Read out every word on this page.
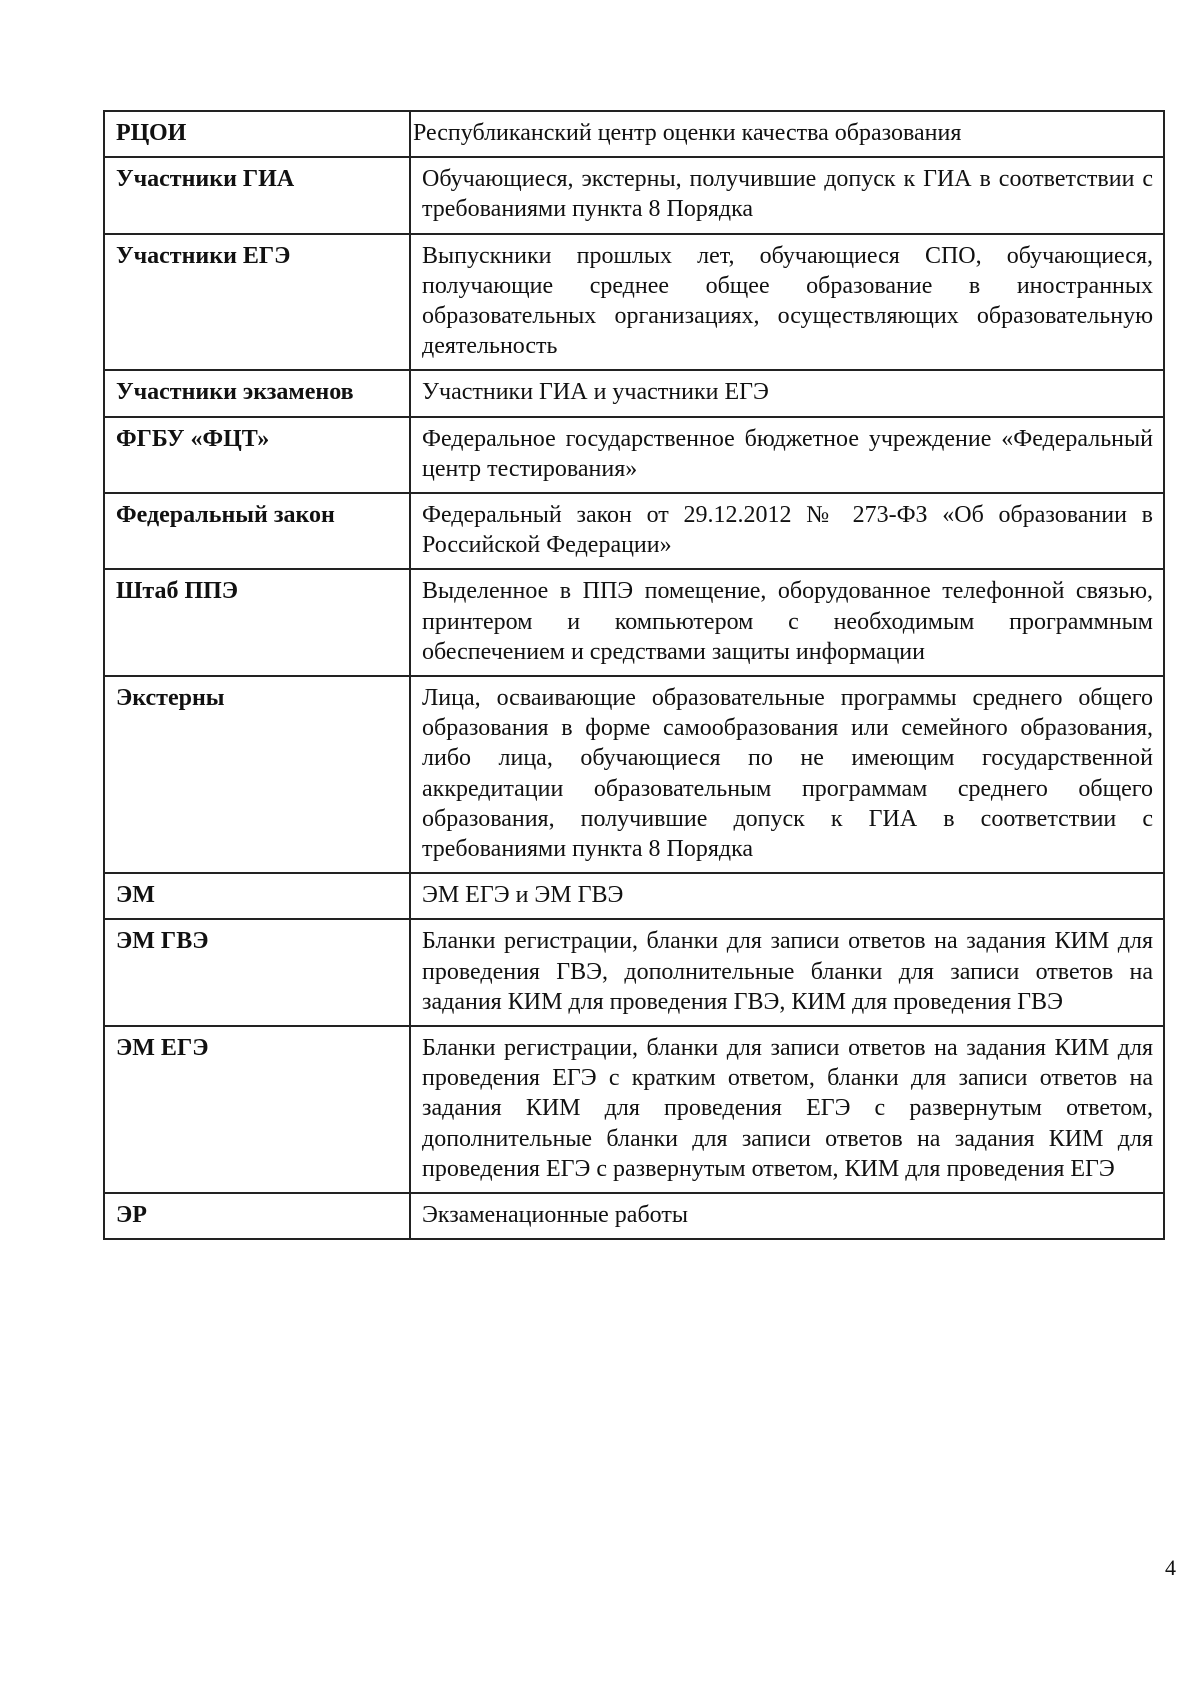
РЦОИ	Республиканский центр оценки качества образования
Участники ГИА	Обучающиеся, экстерны, получившие допуск к ГИА в соответствии с требованиями пункта 8 Порядка
Участники ЕГЭ	Выпускники прошлых лет, обучающиеся СПО, обучающиеся, получающие среднее общее образование в иностранных образовательных организациях, осуществляющих образовательную деятельность
Участники экзаменов	Участники ГИА и участники ЕГЭ
ФГБУ «ФЦТ»	Федеральное государственное бюджетное учреждение «Федеральный центр тестирования»
Федеральный закон	Федеральный закон от 29.12.2012 № 273-ФЗ «Об образовании в Российской Федерации»
Штаб ППЭ	Выделенное в ППЭ помещение, оборудованное телефонной связью, принтером и компьютером с необходимым программным обеспечением и средствами защиты информации
Экстерны	Лица, осваивающие образовательные программы среднего общего образования в форме самообразования или семейного образования, либо лица, обучающиеся по не имеющим государственной аккредитации образовательным программам среднего общего образования, получившие допуск к ГИА в соответствии с требованиями пункта 8 Порядка
ЭМ	ЭМ ЕГЭ и ЭМ ГВЭ
ЭМ ГВЭ	Бланки регистрации, бланки для записи ответов на задания КИМ для проведения ГВЭ, дополнительные бланки для записи ответов на задания КИМ для проведения ГВЭ, КИМ для проведения ГВЭ
ЭМ ЕГЭ	Бланки регистрации, бланки для записи ответов на задания КИМ для проведения ЕГЭ с кратким ответом, бланки для записи ответов на задания КИМ для проведения ЕГЭ с развернутым ответом, дополнительные бланки для записи ответов на задания КИМ для проведения ЕГЭ с развернутым ответом, КИМ для проведения ЕГЭ
ЭР	Экзаменационные работы
4
